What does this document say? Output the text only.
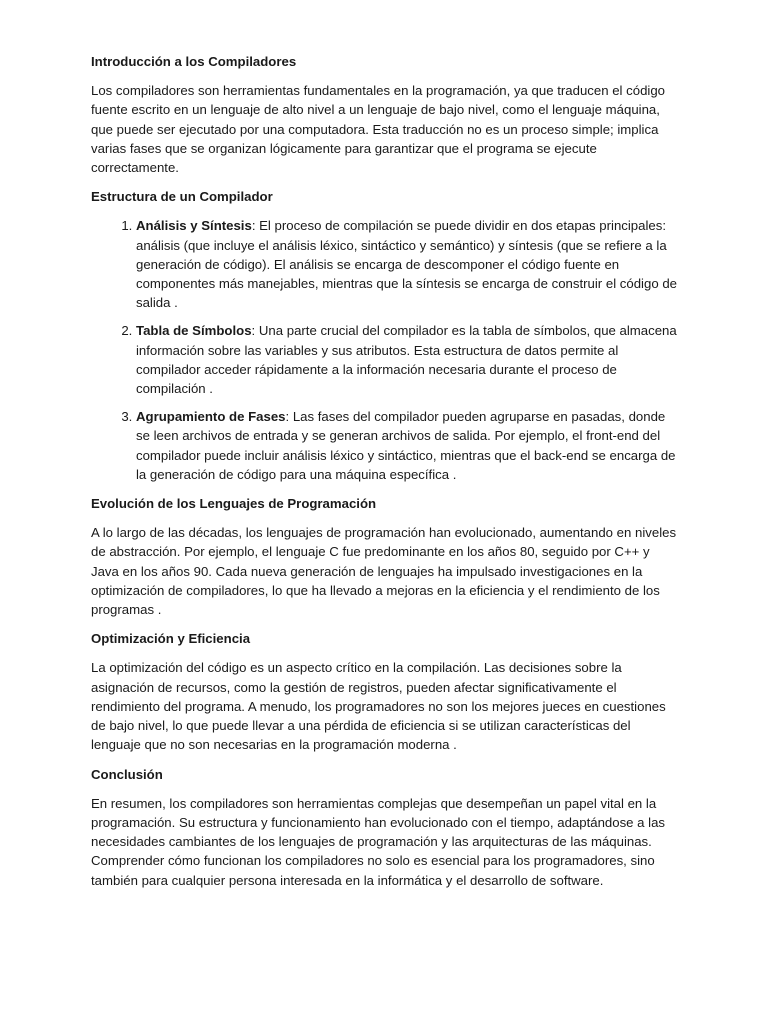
Introducción a los Compiladores
Los compiladores son herramientas fundamentales en la programación, ya que traducen el código fuente escrito en un lenguaje de alto nivel a un lenguaje de bajo nivel, como el lenguaje máquina, que puede ser ejecutado por una computadora. Esta traducción no es un proceso simple; implica varias fases que se organizan lógicamente para garantizar que el programa se ejecute correctamente.
Estructura de un Compilador
1. Análisis y Síntesis: El proceso de compilación se puede dividir en dos etapas principales: análisis (que incluye el análisis léxico, sintáctico y semántico) y síntesis (que se refiere a la generación de código). El análisis se encarga de descomponer el código fuente en componentes más manejables, mientras que la síntesis se encarga de construir el código de salida .
2. Tabla de Símbolos: Una parte crucial del compilador es la tabla de símbolos, que almacena información sobre las variables y sus atributos. Esta estructura de datos permite al compilador acceder rápidamente a la información necesaria durante el proceso de compilación .
3. Agrupamiento de Fases: Las fases del compilador pueden agruparse en pasadas, donde se leen archivos de entrada y se generan archivos de salida. Por ejemplo, el front-end del compilador puede incluir análisis léxico y sintáctico, mientras que el back-end se encarga de la generación de código para una máquina específica .
Evolución de los Lenguajes de Programación
A lo largo de las décadas, los lenguajes de programación han evolucionado, aumentando en niveles de abstracción. Por ejemplo, el lenguaje C fue predominante en los años 80, seguido por C++ y Java en los años 90. Cada nueva generación de lenguajes ha impulsado investigaciones en la optimización de compiladores, lo que ha llevado a mejoras en la eficiencia y el rendimiento de los programas .
Optimización y Eficiencia
La optimización del código es un aspecto crítico en la compilación. Las decisiones sobre la asignación de recursos, como la gestión de registros, pueden afectar significativamente el rendimiento del programa. A menudo, los programadores no son los mejores jueces en cuestiones de bajo nivel, lo que puede llevar a una pérdida de eficiencia si se utilizan características del lenguaje que no son necesarias en la programación moderna .
Conclusión
En resumen, los compiladores son herramientas complejas que desempeñan un papel vital en la programación. Su estructura y funcionamiento han evolucionado con el tiempo, adaptándose a las necesidades cambiantes de los lenguajes de programación y las arquitecturas de las máquinas. Comprender cómo funcionan los compiladores no solo es esencial para los programadores, sino también para cualquier persona interesada en la informática y el desarrollo de software.
